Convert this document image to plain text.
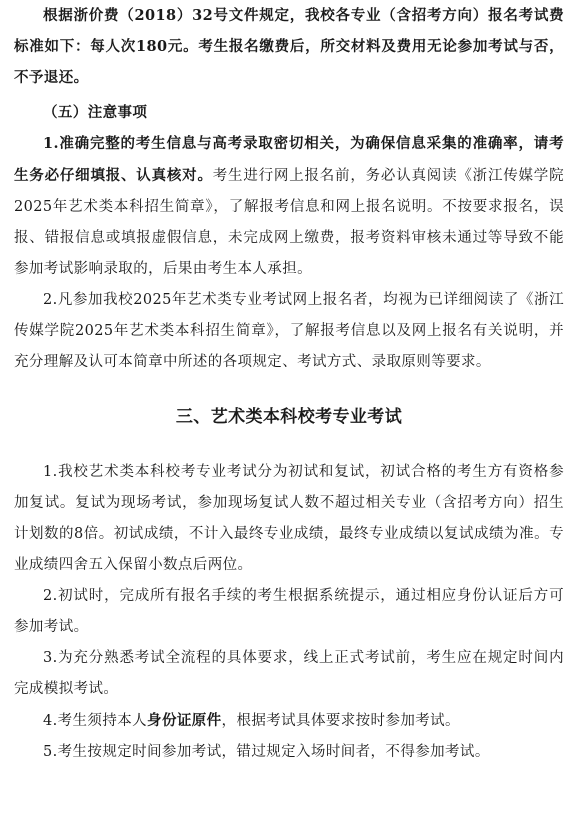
根据浙价费（2018）32号文件规定，我校各专业（含招考方向）报名考试费标准如下：每人次180元。考生报名缴费后，所交材料及费用无论参加考试与否，不予退还。

（五）注意事项

1.准确完整的考生信息与高考录取密切相关，为确保信息采集的准确率，请考生务必仔细填报、认真核对。考生进行网上报名前，务必认真阅读《浙江传媒学院2025年艺术类本科招生简章》，了解报考信息和网上报名说明。不按要求报名，误报、错报信息或填报虚假信息，未完成网上缴费，报考资料审核未通过等导致不能参加考试影响录取的，后果由考生本人承担。

2.凡参加我校2025年艺术类专业考试网上报名者，均视为已详细阅读了《浙江传媒学院2025年艺术类本科招生简章》，了解报考信息以及网上报名有关说明，并充分理解及认可本简章中所述的各项规定、考试方式、录取原则等要求。

三、艺术类本科校考专业考试

1.我校艺术类本科校考专业考试分为初试和复试，初试合格的考生方有资格参加复试。复试为现场考试，参加现场复试人数不超过相关专业（含招考方向）招生计划数的8倍。初试成绩，不计入最终专业成绩，最终专业成绩以复试成绩为准。专业成绩四舍五入保留小数点后两位。

2.初试时，完成所有报名手续的考生根据系统提示，通过相应身份认证后方可参加考试。

3.为充分熟悉考试全流程的具体要求，线上正式考试前，考生应在规定时间内完成模拟考试。

4.考生须持本人身份证原件，根据考试具体要求按时参加考试。

5.考生按规定时间参加考试，错过规定入场时间者，不得参加考试。
